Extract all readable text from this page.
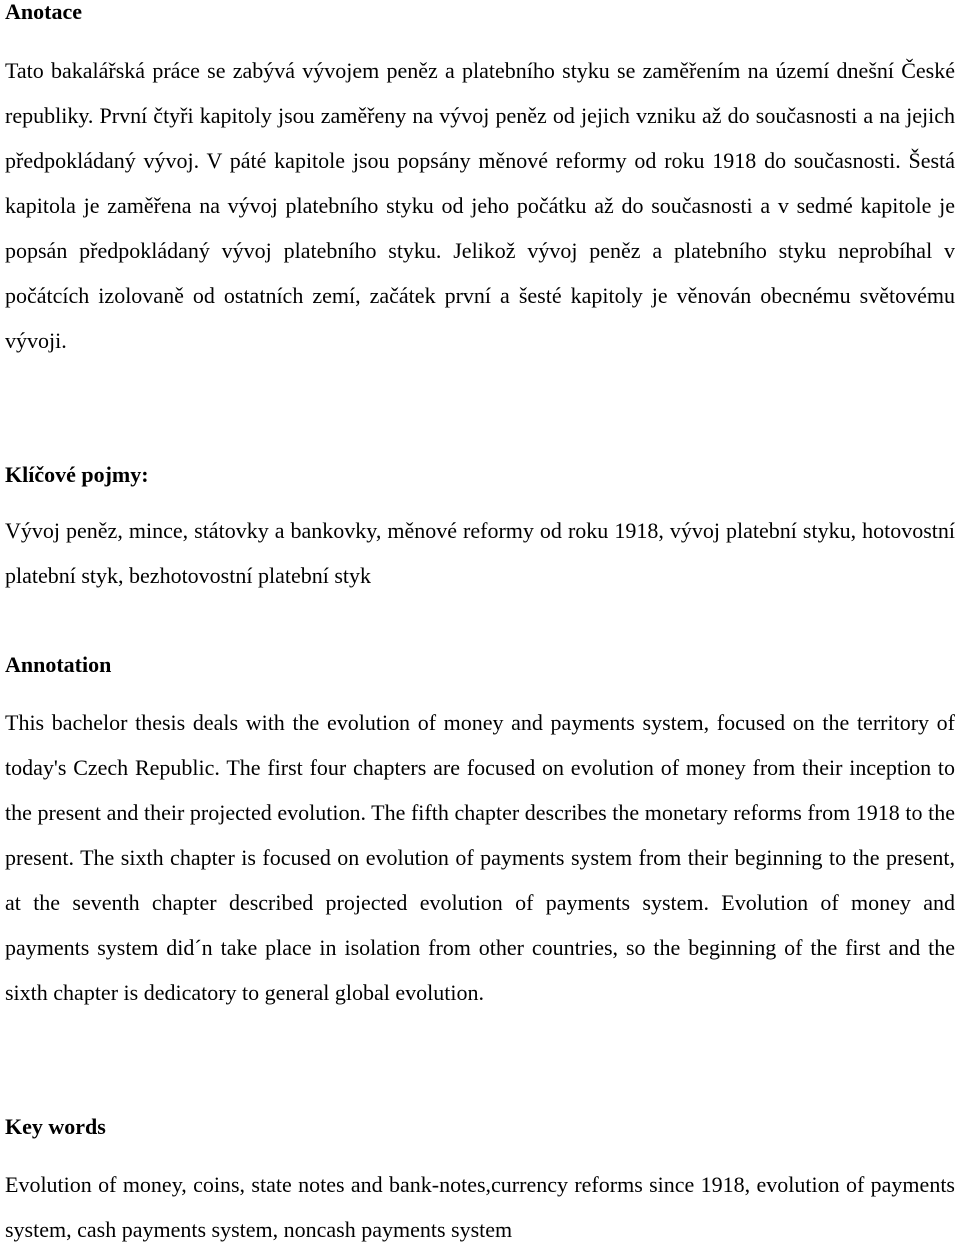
Anotace

Tato bakalářská práce se zabývá vývojem peněz a platebního styku se zaměřením na území dnešní České republiky. První čtyři kapitoly jsou zaměřeny na vývoj peněz od jejich vzniku až do současnosti a na jejich předpokládaný vývoj. V páté kapitole jsou popsány měnové reformy od roku 1918 do současnosti. Šestá kapitola je zaměřena na vývoj platebního styku od jeho počátku až do současnosti a v sedmé kapitole je popsán předpokládaný vývoj platebního styku. Jelikož vývoj peněz a platebního styku neprobíhal v počátcích izolovaně od ostatních zemí, začátek první a šesté kapitoly je věnován obecnému světovému vývoji.

Klíčové pojmy:

Vývoj peněz, mince, státovky a bankovky, měnové reformy od roku 1918, vývoj platební styku, hotovostní platební styk, bezhotovostní platební styk

Annotation

This bachelor thesis deals with the evolution of money and payments system, focused on the territory of today's Czech Republic. The first four chapters are focused on evolution of money from their inception to the present and their projected evolution. The fifth chapter describes the monetary reforms from 1918 to the present. The sixth chapter is focused on evolution of payments system from their beginning to the present, at the seventh chapter described projected evolution of payments system. Evolution of money and payments system did´n take place in isolation from other countries, so the beginning of the first and the sixth chapter is dedicatory to general global evolution.

Key words

Evolution of money, coins, state notes and bank-notes,currency reforms since 1918, evolution of payments system, cash payments system, noncash payments system
